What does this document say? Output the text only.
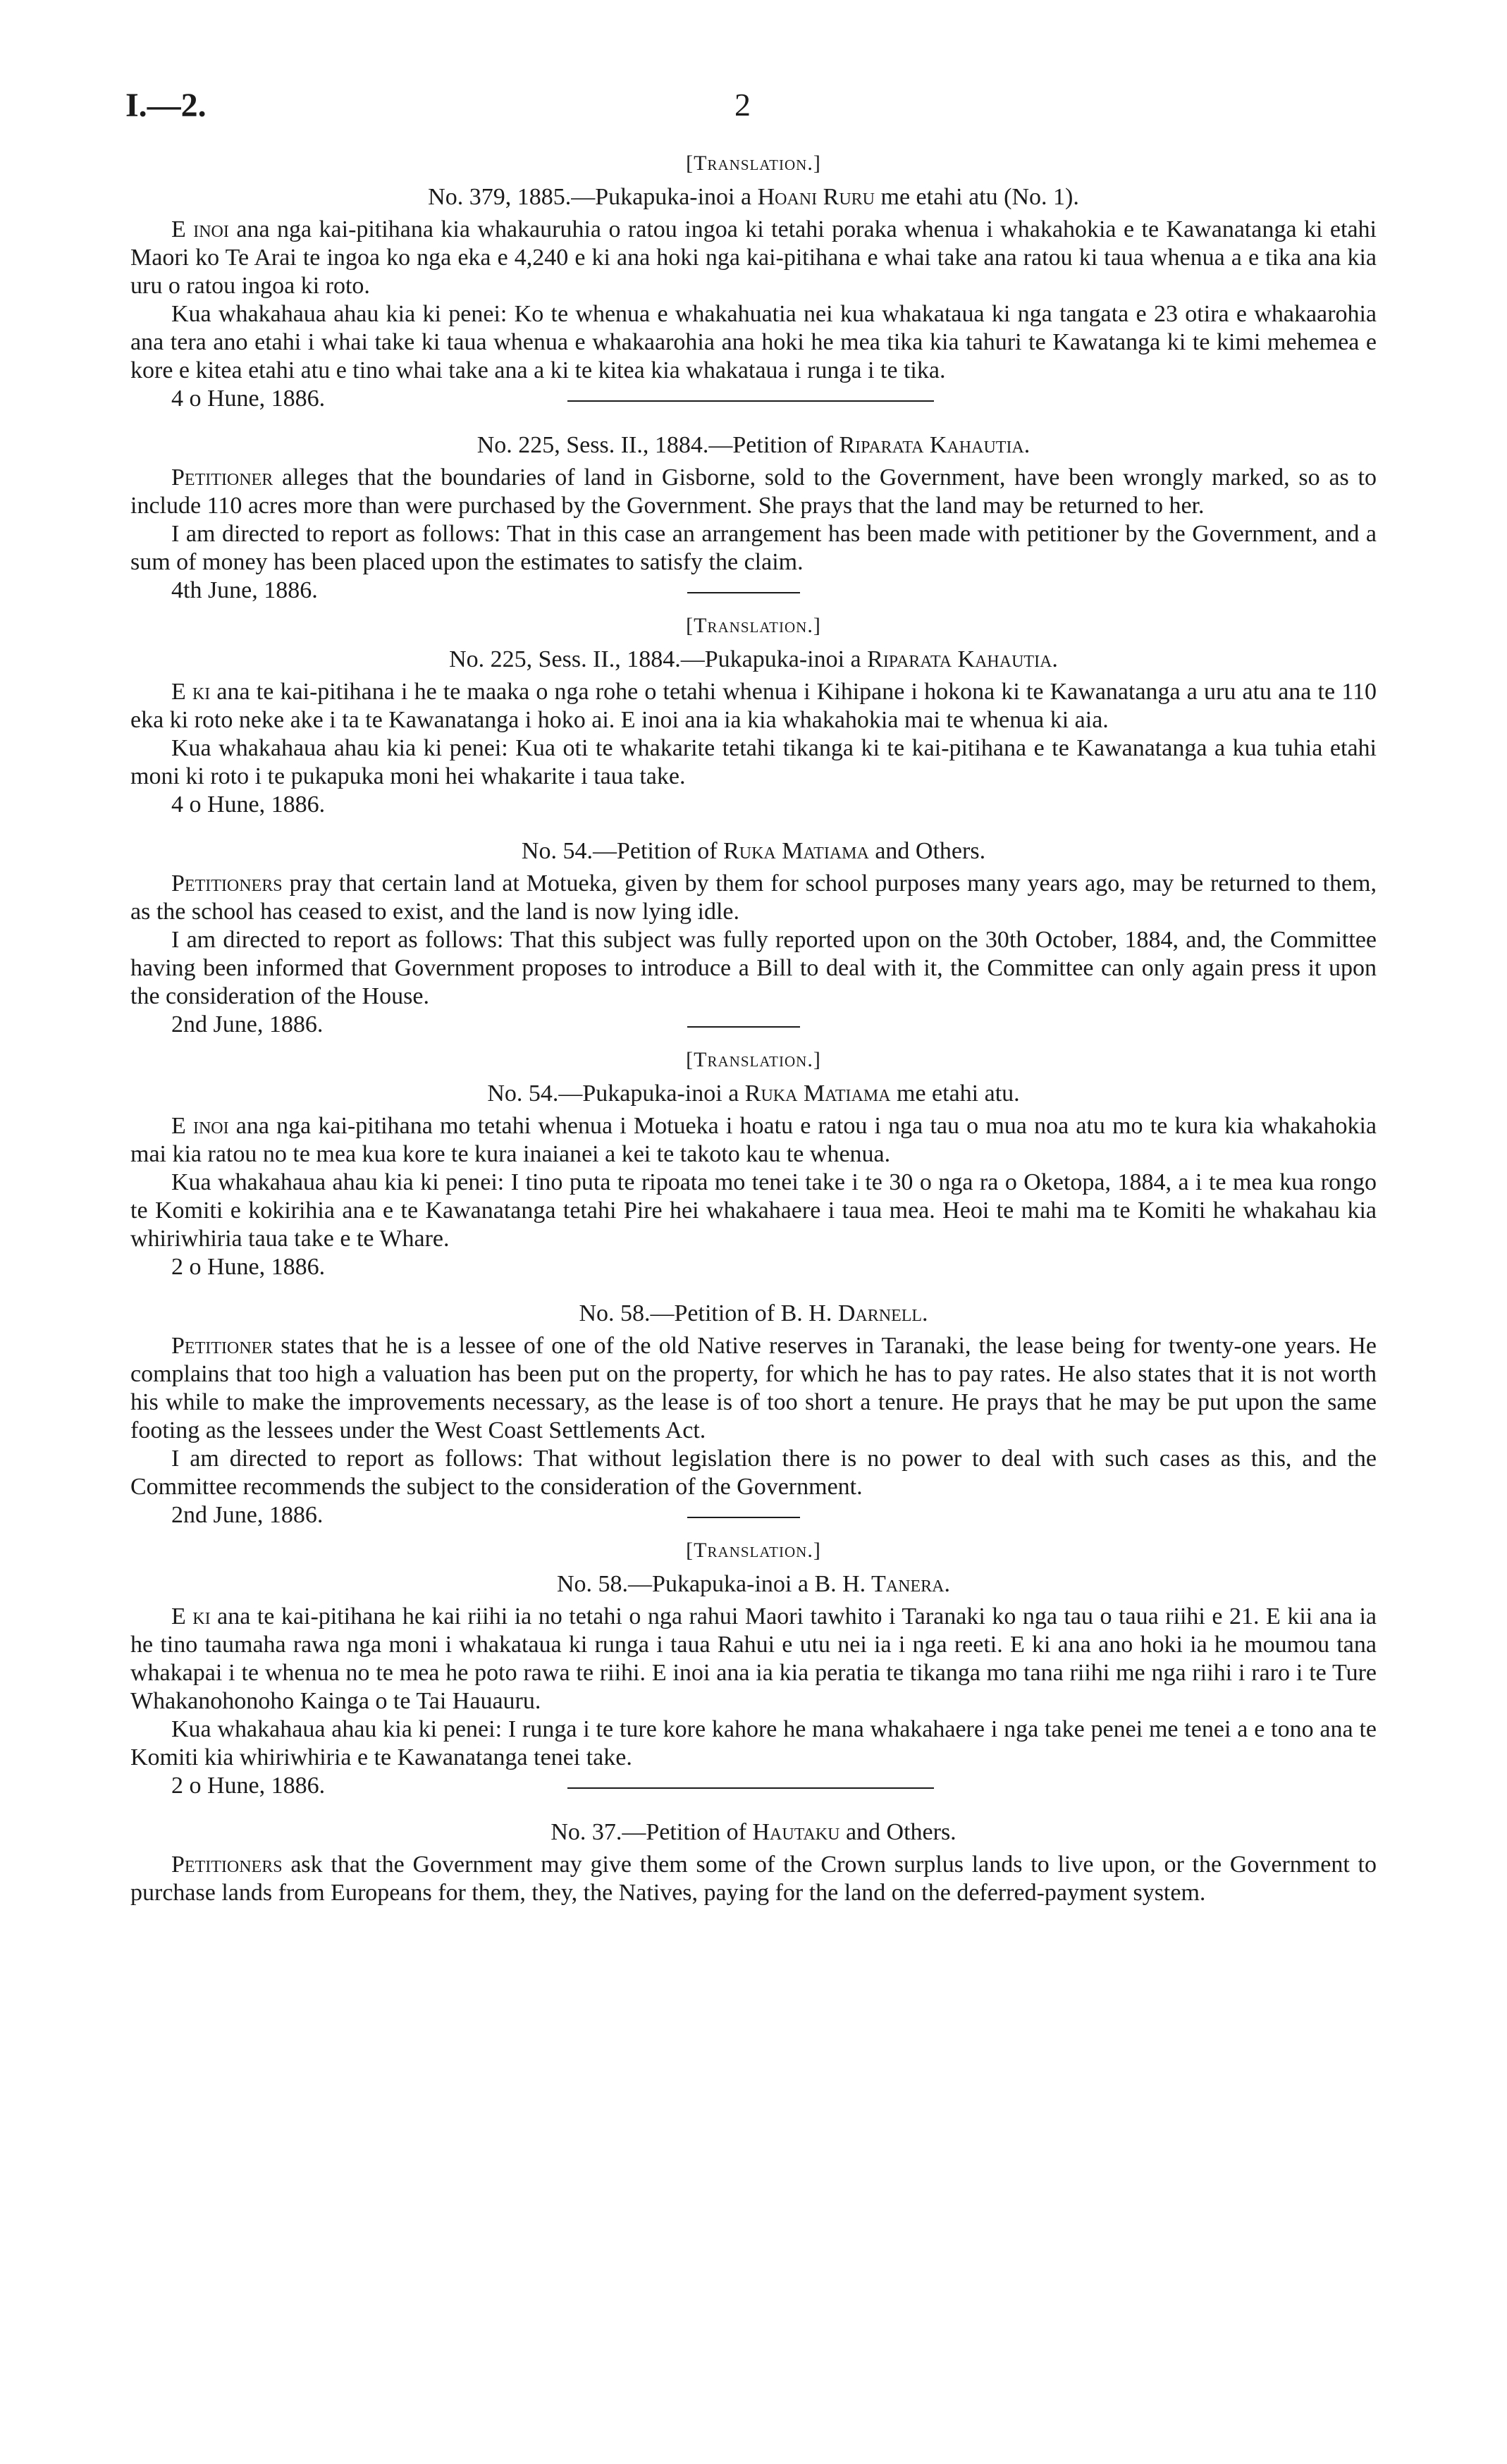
I.—2.	2
[Translation.]
No. 379, 1885.—Pukapuka-inoi a Hoani Ruru me etahi atu (No. 1).

E inoi ana nga kai-pitihana kia whakauruhia o ratou ingoa ki tetahi poraka whenua i whakahokia e te Kawanatanga ki etahi Maori ko Te Arai te ingoa ko nga eka e 4,240 e ki ana hoki nga kai-pitihana e whai take ana ratou ki taua whenua a e tika ana kia uru o ratou ingoa ki roto.

Kua whakahaua ahau kia ki penei: Ko te whenua e whakahuatia nei kua whakataua ki nga tangata e 23 otira e whakaarohia ana tera ano etahi i whai take ki taua whenua e whakaarohia ana hoki he mea tika kia tahuri te Kawatanga ki te kimi mehemea e kore e kitea etahi atu e tino whai take ana a ki te kitea kia whakataua i runga i te tika.

4 o Hune, 1886.
No. 225, Sess. II., 1884.—Petition of Riparata Kahautia.

Petitioner alleges that the boundaries of land in Gisborne, sold to the Government, have been wrongly marked, so as to include 110 acres more than were purchased by the Government. She prays that the land may be returned to her.

I am directed to report as follows: That in this case an arrangement has been made with petitioner by the Government, and a sum of money has been placed upon the estimates to satisfy the claim.

4th June, 1886.
[Translation.]
No. 225, Sess. II., 1884.—Pukapuka-inoi a Riparata Kahautia.

E ki ana te kai-pitihana i he te maaka o nga rohe o tetahi whenua i Kihipane i hokona ki te Kawanatanga a uru atu ana te 110 eka ki roto neke ake i ta te Kawanatanga i hoko ai. E inoi ana ia kia whakahokia mai te whenua ki aia.

Kua whakahaua ahau kia ki penei: Kua oti te whakarite tetahi tikanga ki te kai-pitihana e te Kawanatanga a kua tuhia etahi moni ki roto i te pukapuka moni hei whakarite i taua take.

4 o Hune, 1886.
No. 54.—Petition of Ruka Matiama and Others.

Petitioners pray that certain land at Motueka, given by them for school purposes many years ago, may be returned to them, as the school has ceased to exist, and the land is now lying idle.

I am directed to report as follows: That this subject was fully reported upon on the 30th October, 1884, and, the Committee having been informed that Government proposes to introduce a Bill to deal with it, the Committee can only again press it upon the consideration of the House.

2nd June, 1886.
[Translation.]
No. 54.—Pukapuka-inoi a Ruka Matiama me etahi atu.

E inoi ana nga kai-pitihana mo tetahi whenua i Motueka i hoatu e ratou i nga tau o mua noa atu mo te kura kia whakahokia mai kia ratou no te mea kua kore te kura inaianei a kei te takoto kau te whenua.

Kua whakahaua ahau kia ki penei: I tino puta te ripoata mo tenei take i te 30 o nga ra o Oketopa, 1884, a i te mea kua rongo te Komiti e kokirihia ana e te Kawanatanga tetahi Pire hei whakahaere i taua mea. Heoi te mahi ma te Komiti he whakahau kia whiriwhiria taua take e te Whare.

2 o Hune, 1886.
No. 58.—Petition of B. H. Darnell.

Petitioner states that he is a lessee of one of the old Native reserves in Taranaki, the lease being for twenty-one years. He complains that too high a valuation has been put on the property, for which he has to pay rates. He also states that it is not worth his while to make the improvements necessary, as the lease is of too short a tenure. He prays that he may be put upon the same footing as the lessees under the West Coast Settlements Act.

I am directed to report as follows: That without legislation there is no power to deal with such cases as this, and the Committee recommends the subject to the consideration of the Government.

2nd June, 1886.
[Translation.]
No. 58.—Pukapuka-inoi a B. H. Tanera.

E ki ana te kai-pitihana he kai riihi ia no tetahi o nga rahui Maori tawhito i Taranaki ko nga tau o taua riihi e 21. E kii ana ia he tino taumaha rawa nga moni i whakataua ki runga i taua Rahui e utu nei ia i nga reeti. E ki ana ano hoki ia he moumou tana whakapai i te whenua no te mea he poto rawa te riihi. E inoi ana ia kia peratia te tikanga mo tana riihi me nga riihi i raro i te Ture Whakanohonoho Kainga o te Tai Hauauru.

Kua whakahaua ahau kia ki penei: I runga i te ture kore kahore he mana whakahaere i nga take penei me tenei a e tono ana te Komiti kia whiriwhiria e te Kawanatanga tenei take.

2 o Hune, 1886.
No. 37.—Petition of Hautaku and Others.

Petitioners ask that the Government may give them some of the Crown surplus lands to live upon, or the Government to purchase lands from Europeans for them, they, the Natives, paying for the land on the deferred-payment system.
